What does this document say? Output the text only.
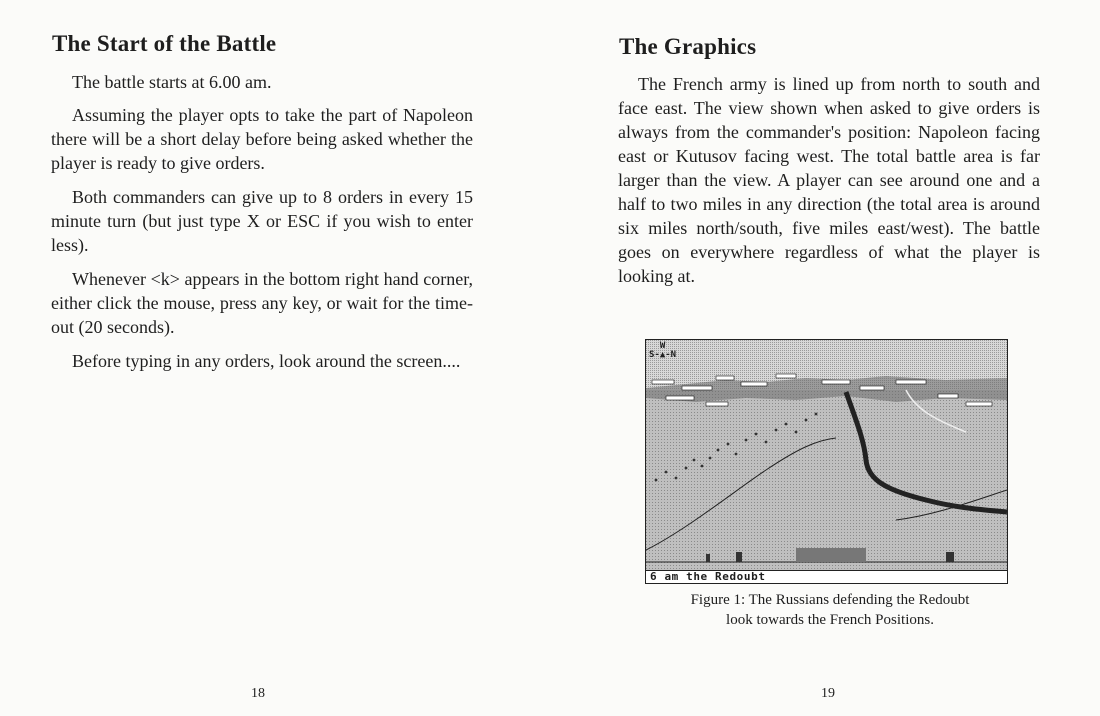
The Start of the Battle

The battle starts at 6.00 am.

Assuming the player opts to take the part of Napoleon there will be a short delay before being asked whether the player is ready to give orders.

Both commanders can give up to 8 orders in every 15 minute turn (but just type X or ESC if you wish to enter less).

Whenever <k> appears in the bottom right hand corner, either click the mouse, press any key, or wait for the time-out (20 seconds).

Before typing in any orders, look around the screen....

18
The Graphics

The French army is lined up from north to south and face east. The view shown when asked to give orders is always from the commander's position: Napoleon facing east or Kutusov facing west. The total battle area is far larger than the view. A player can see around one and a half to two miles in any direction (the total area is around six miles north/south, five miles east/west). The battle goes on everywhere regardless of what the player is looking at.

W
S-▲-N
6 am the Redoubt
Figure 1: The Russians defending the Redoubt
look towards the French Positions.
19
